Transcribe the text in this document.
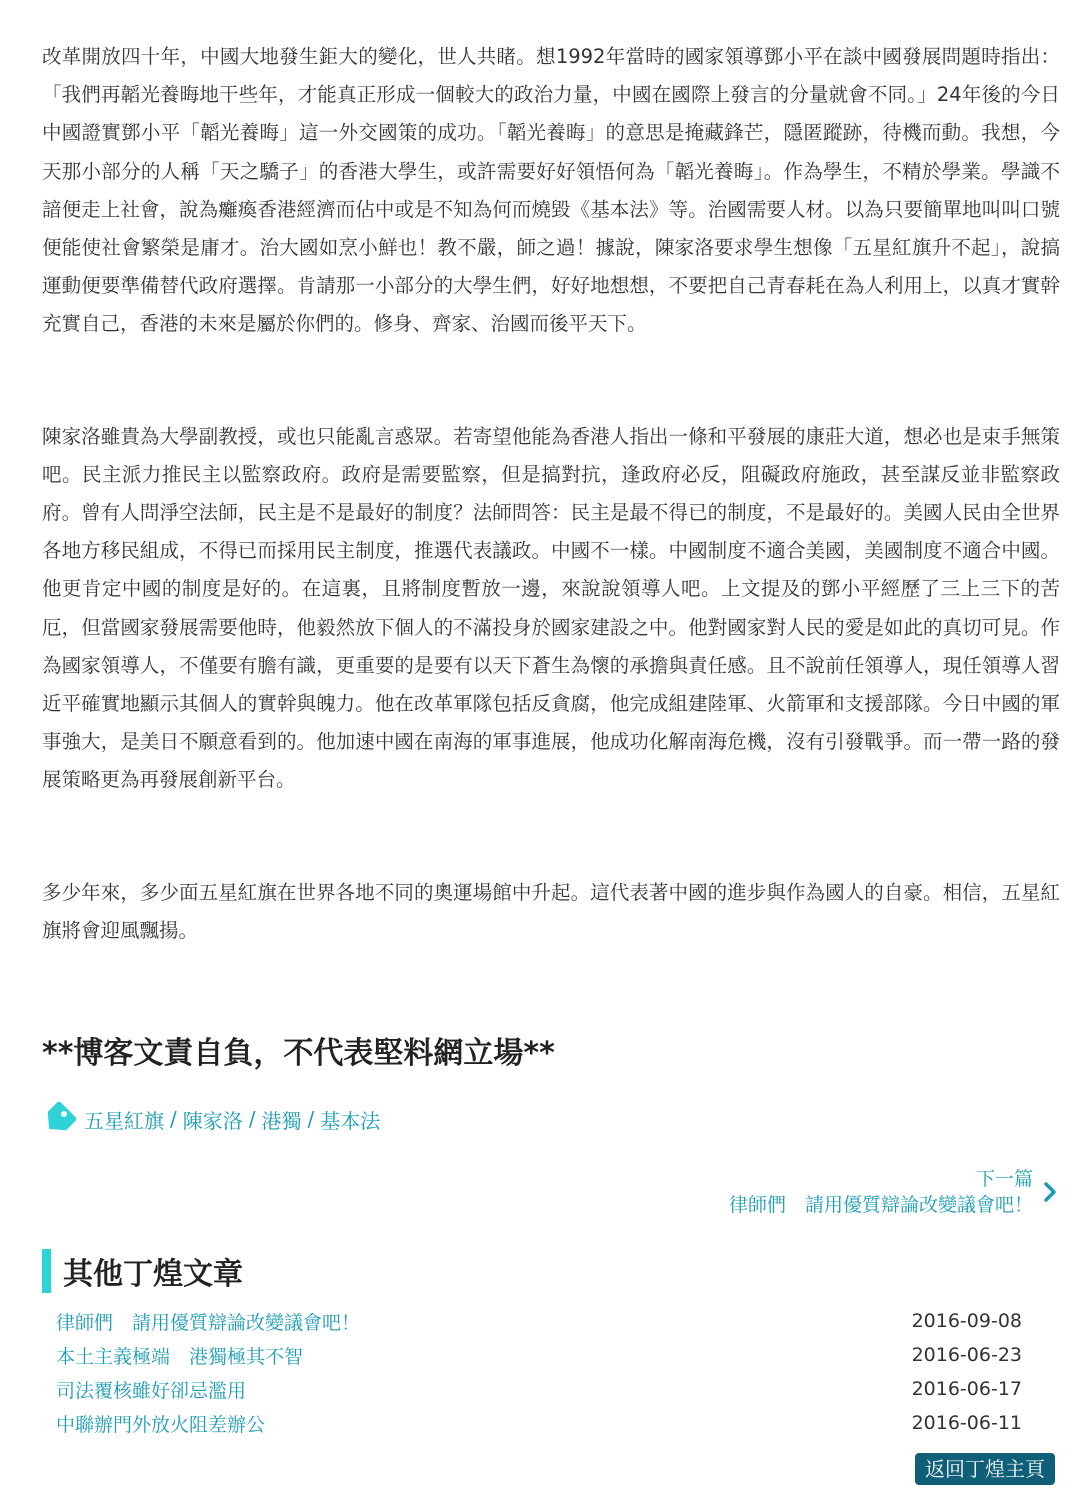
改革開放四十年，中國大地發生鉅大的變化，世人共睹。想1992年當時的國家領導鄧小平在談中國發展問題時指出：「我們再韜光養晦地干些年，才能真正形成一個較大的政治力量，中國在國際上發言的分量就會不同。」24年後的今日中國證實鄧小平「韜光養晦」這一外交國策的成功。「韜光養晦」的意思是掩藏鋒芒，隱匿蹤跡，待機而動。我想，今天那小部分的人稱「天之驕子」的香港大學生，或許需要好好領悟何為「韜光養晦」。作為學生，不精於學業。學識不諳便走上社會，說為癱瘓香港經濟而佔中或是不知為何而燒毀《基本法》等。治國需要人材。以為只要簡單地叫叫口號便能使社會繁榮是庸才。治大國如烹小鮮也！教不嚴，師之過！據說，陳家洛要求學生想像「五星紅旗升不起」，說搞運動便要準備替代政府選擇。肯請那一小部分的大學生們，好好地想想，不要把自己青春耗在為人利用上，以真才實幹充實自己，香港的未來是屬於你們的。修身、齊家、治國而後平天下。

陳家洛雖貴為大學副教授，或也只能亂言惑眾。若寄望他能為香港人指出一條和平發展的康莊大道，想必也是束手無策吧。民主派力推民主以監察政府。政府是需要監察，但是搞對抗，逢政府必反，阻礙政府施政，甚至謀反並非監察政府。曾有人問淨空法師，民主是不是最好的制度？法師問答：民主是最不得已的制度，不是最好的。美國人民由全世界各地方移民組成，不得已而採用民主制度，推選代表議政。中國不一樣。中國制度不適合美國，美國制度不適合中國。他更肯定中國的制度是好的。在這裏，且將制度暫放一邊，來說說領導人吧。上文提及的鄧小平經歷了三上三下的苦厄，但當國家發展需要他時，他毅然放下個人的不滿投身於國家建設之中。他對國家對人民的愛是如此的真切可見。作為國家領導人，不僅要有膽有識，更重要的是要有以天下蒼生為懷的承擔與責任感。且不說前任領導人，現任領導人習近平確實地顯示其個人的實幹與魄力。他在改革軍隊包括反貪腐，他完成組建陸軍、火箭軍和支援部隊。今日中國的軍事強大，是美日不願意看到的。他加速中國在南海的軍事進展，他成功化解南海危機，沒有引發戰爭。而一帶一路的發展策略更為再發展創新平台。

多少年來，多少面五星紅旗在世界各地不同的奧運場館中升起。這代表著中國的進步與作為國人的自豪。相信，五星紅旗將會迎風飄揚。

**博客文責自負，不代表堅料網立場**
五星紅旗 / 陳家洛 / 港獨 / 基本法
下一篇
律師們　請用優質辯論改變議會吧！
其他丁煌文章
律師們　請用優質辯論改變議會吧！	2016-09-08
本土主義極端　港獨極其不智	2016-06-23
司法覆核雖好卻忌濫用	2016-06-17
中聯辦門外放火阻差辦公	2016-06-11
返回丁煌主頁
